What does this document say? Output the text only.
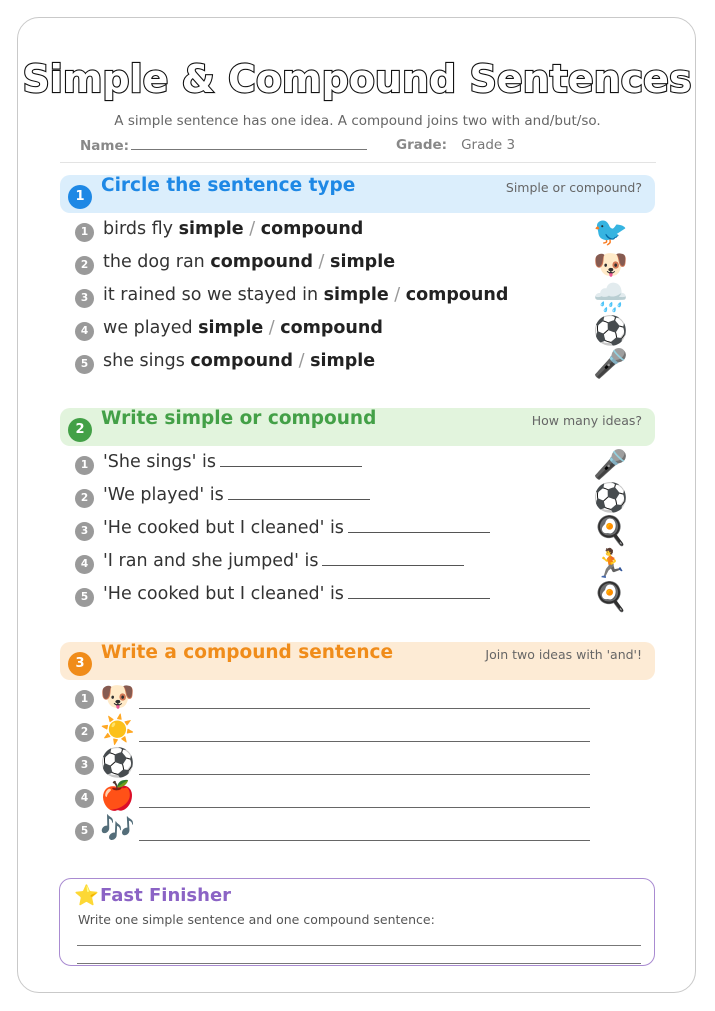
Simple & Compound Sentences
A simple sentence has one idea. A compound joins two with and/but/so.
Name:	Grade: Grade 3
1
Circle the sentence type	Simple or compound?
1 birds fly simple / compound	🐦
2 the dog ran compound / simple	🐶
3 it rained so we stayed in simple / compound	🌧️
4 we played simple / compound	⚽
5 she sings compound / simple	🎤
2
Write simple or compound	How many ideas?
1 'She sings' is	🎤
2 'We played' is	⚽
3 'He cooked but I cleaned' is	🍳
4 'I ran and she jumped' is	🏃
5 'He cooked but I cleaned' is	🍳
3
Write a compound sentence	Join two ideas with 'and'!
1 🐶
2 ☀️
3 ⚽
4 🍎
5 🎶
⭐ Fast Finisher
Write one simple sentence and one compound sentence:
